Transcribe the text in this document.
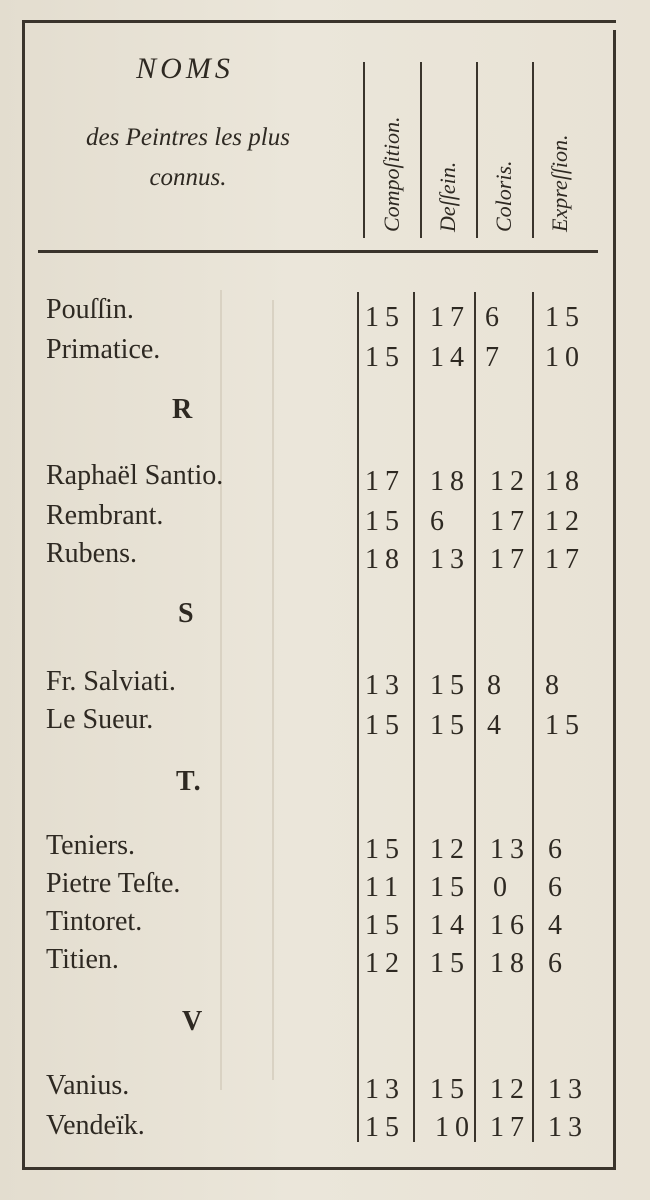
NOMS
des Peintres les plus
connus.	Compoſition. Deſſein. Coloris. Expreſſion.
Pouſſin.	15 17 6 15
Primatice.	15 14 7 10
R
Raphaël Santio.	17 18 12 18
Rembrant.	15 6 17 12
Rubens.	18 13 17 17
S
Fr. Salviati.	13 15 8 8
Le Sueur.	15 15 4 15
T.
Teniers.	15 12 13 6
Pietre Teſte.	11 15 0 6
Tintoret.	15 14 16 4
Titien.	12 15 18 6
V
Vanius.	13 15 12 13
Vendeïk.	15 10 17 13
